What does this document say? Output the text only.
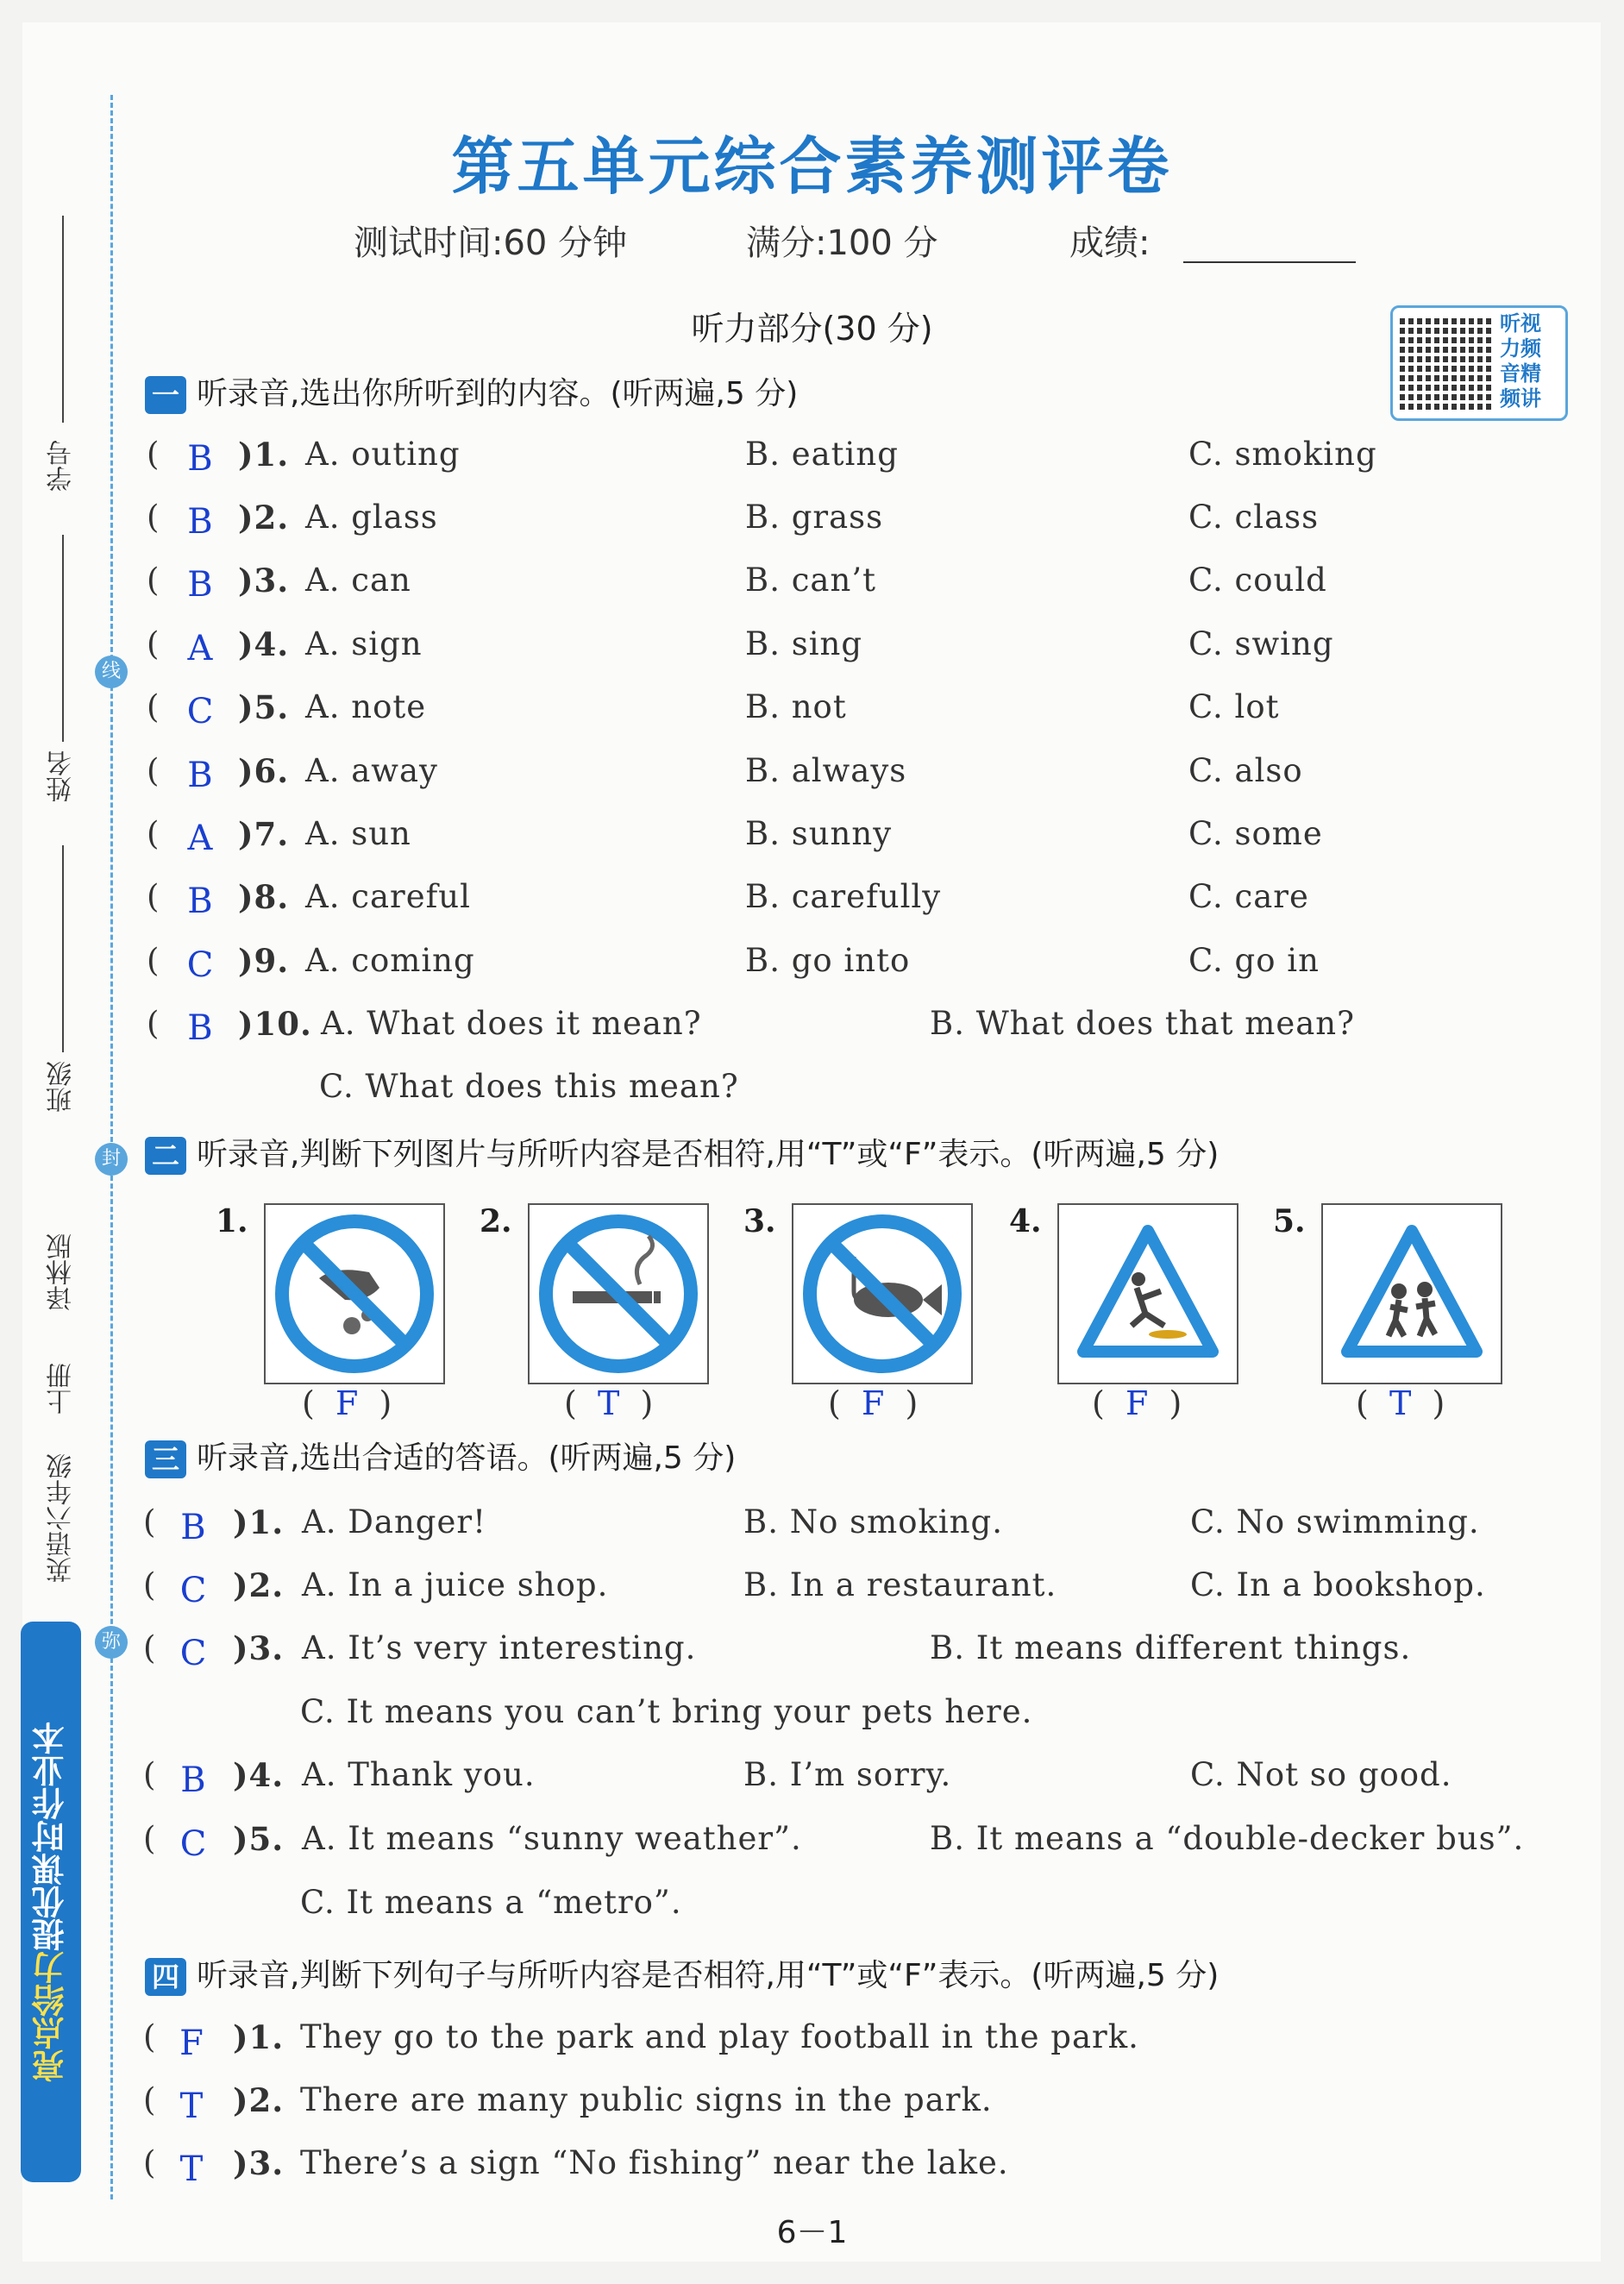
学号
姓名
班级
线
封
弥
译林版
上册
英语六年级
亮点给力提优课时作业本
第五单元综合素养测评卷
测试时间:60 分钟	满分:100 分	成绩:
听力部分(30 分)	听视力频音精频讲
一 听录音,选出你所听到的内容。(听两遍,5 分)
( B )1. A. outing	B. eating	C. smoking
( B )2. A. glass	B. grass	C. class
( B )3. A. can	B. can’t	C. could
( A )4. A. sign	B. sing	C. swing
( C )5. A. note	B. not	C. lot
( B )6. A. away	B. always	C. also
( A )7. A. sun	B. sunny	C. some
( B )8. A. careful	B. carefully	C. care
( C )9. A. coming	B. go into	C. go in
( B )10. A. What does it mean?	B. What does that mean?
C. What does this mean?
二 听录音,判断下列图片与所听内容是否相符,用“T”或“F”表示。(听两遍,5 分)
1.
(  F  )
2.
(  T  )
3.
(  F  )
4.
(  F  )
5.
(  T  )
三 听录音,选出合适的答语。(听两遍,5 分)
( B )1. A. Danger!	B. No smoking.	C. No swimming.
( C )2. A. In a juice shop.	B. In a restaurant.	C. In a bookshop.
( C )3. A. It’s very interesting.	B. It means different things.
C. It means you can’t bring your pets here.
( B )4. A. Thank you.	B. I’m sorry.	C. Not so good.
( C )5. A. It means “sunny weather”.	B. It means a “double-decker bus”.
C. It means a “metro”.
四 听录音,判断下列句子与所听内容是否相符,用“T”或“F”表示。(听两遍,5 分)
( F )1. They go to the park and play football in the park.
( T )2. There are many public signs in the park.
( T )3. There’s a sign “No fishing” near the lake.
6－1
